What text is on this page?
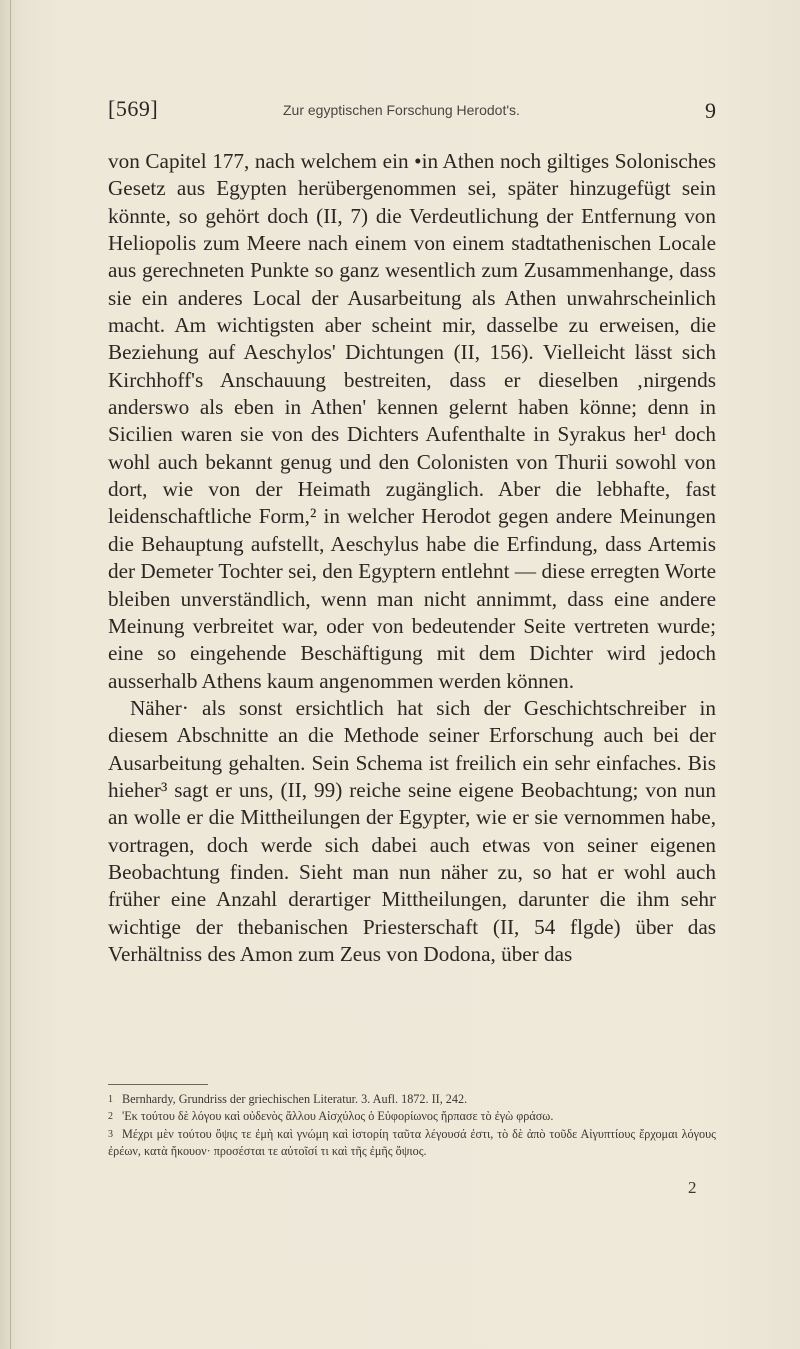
[569]	Zur egyptischen Forschung Herodot's.	9

von Capitel 177, nach welchem ein •in Athen noch giltiges Solonisches Gesetz aus Egypten herübergenommen sei, später hinzugefügt sein könnte, so gehört doch (II, 7) die Verdeutlichung der Entfernung von Heliopolis zum Meere nach einem von einem stadtathenischen Locale aus gerechneten Punkte so ganz wesentlich zum Zusammenhange, dass sie ein anderes Local der Ausarbeitung als Athen unwahrscheinlich macht. Am wichtigsten aber scheint mir, dasselbe zu erweisen, die Beziehung auf Aeschylos' Dichtungen (II, 156). Vielleicht lässt sich Kirchhoff's Anschauung bestreiten, dass er dieselben ‚nirgends anderswo als eben in Athen' kennen gelernt haben könne; denn in Sicilien waren sie von des Dichters Aufenthalte in Syrakus her¹ doch wohl auch bekannt genug und den Colonisten von Thurii sowohl von dort, wie von der Heimath zugänglich. Aber die lebhafte, fast leidenschaftliche Form,² in welcher Herodot gegen andere Meinungen die Behauptung aufstellt, Aeschylus habe die Erfindung, dass Artemis der Demeter Tochter sei, den Egyptern entlehnt — diese erregten Worte bleiben unverständlich, wenn man nicht annimmt, dass eine andere Meinung verbreitet war, oder von bedeutender Seite vertreten wurde; eine so eingehende Beschäftigung mit dem Dichter wird jedoch ausserhalb Athens kaum angenommen werden können.

Näher· als sonst ersichtlich hat sich der Geschichtschreiber in diesem Abschnitte an die Methode seiner Erforschung auch bei der Ausarbeitung gehalten. Sein Schema ist freilich ein sehr einfaches. Bis hieher³ sagt er uns, (II, 99) reiche seine eigene Beobachtung; von nun an wolle er die Mittheilungen der Egypter, wie er sie vernommen habe, vortragen, doch werde sich dabei auch etwas von seiner eigenen Beobachtung finden. Sieht man nun näher zu, so hat er wohl auch früher eine Anzahl derartiger Mittheilungen, darunter die ihm sehr wichtige der thebanischen Priesterschaft (II, 54 flgde) über das Verhältniss des Amon zum Zeus von Dodona, über das

1 Bernhardy, Grundriss der griechischen Literatur. 3. Aufl. 1872. II, 242.

2 'Εκ τούτου δὲ λόγου καὶ οὐδενὸς ἄλλου Αἰσχύλος ὁ Εὐφορίωνος ἥρπασε τὸ ἐγὼ φράσω.

3 Μέχρι μὲν τούτου ὄψις τε ἐμὴ καὶ γνώμη καὶ ἱστορίη ταῦτα λέγουσά ἐστι, τὸ δὲ ἀπὸ τοῦδε Αἰγυπτίους ἔρχομαι λόγους ἐρέων, κατὰ ἤκουον· προσέσται τε αὐτοῖσί τι καὶ τῆς ἐμῆς ὄψιος.

2
